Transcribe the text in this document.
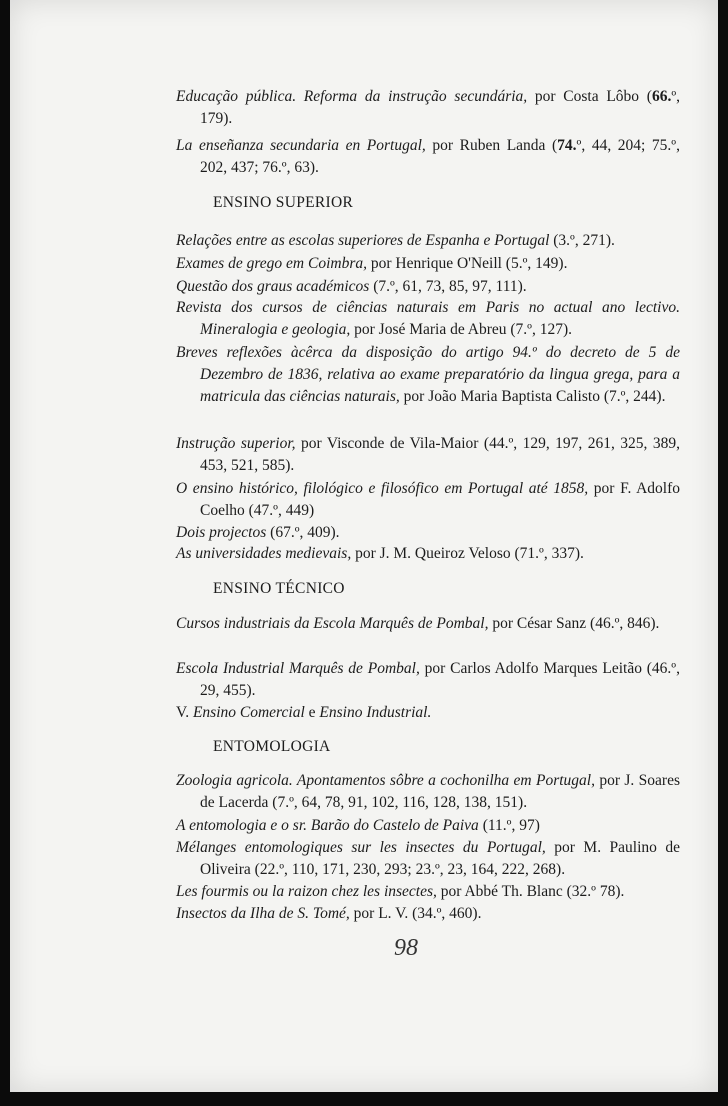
Educação pública. Reforma da instrução secundária, por Costa Lôbo (66.º, 179).
La enseñanza secundaria en Portugal, por Ruben Landa (74.º, 44, 204; 75.º, 202, 437; 76.º, 63).
ENSINO SUPERIOR
Relações entre as escolas superiores de Espanha e Portugal (3.º, 271).
Exames de grego em Coimbra, por Henrique O'Neill (5.º, 149).
Questão dos graus académicos (7.º, 61, 73, 85, 97, 111).
Revista dos cursos de ciências naturais em Paris no actual ano lectivo. Mineralogia e geologia, por José Maria de Abreu (7.º, 127).
Breves reflexões àcêrca da disposição do artigo 94.º do decreto de 5 de Dezembro de 1836, relativa ao exame preparatório da lingua grega, para a matricula das ciências naturais, por João Maria Baptista Calisto (7.º, 244).
Instrução superior, por Visconde de Vila-Maior (44.º, 129, 197, 261, 325, 389, 453, 521, 585).
O ensino histórico, filológico e filosófico em Portugal até 1858, por F. Adolfo Coelho (47.º, 449)
Dois projectos (67.º, 409).
As universidades medievais, por J. M. Queiroz Veloso (71.º, 337).
ENSINO TÉCNICO
Cursos industriais da Escola Marquês de Pombal, por César Sanz (46.º, 846).
Escola Industrial Marquês de Pombal, por Carlos Adolfo Marques Leitão (46.º, 29, 455).
V. Ensino Comercial e Ensino Industrial.
ENTOMOLOGIA
Zoologia agricola. Apontamentos sôbre a cochonilha em Portugal, por J. Soares de Lacerda (7.º, 64, 78, 91, 102, 116, 128, 138, 151).
A entomologia e o sr. Barão do Castelo de Paiva (11.º, 97)
Mélanges entomologiques sur les insectes du Portugal, por M. Paulino de Oliveira (22.º, 110, 171, 230, 293; 23.º, 23, 164, 222, 268).
Les fourmis ou la raizon chez les insectes, por Abbé Th. Blanc (32.º 78).
Insectos da Ilha de S. Tomé, por L. V. (34.º, 460).
98
